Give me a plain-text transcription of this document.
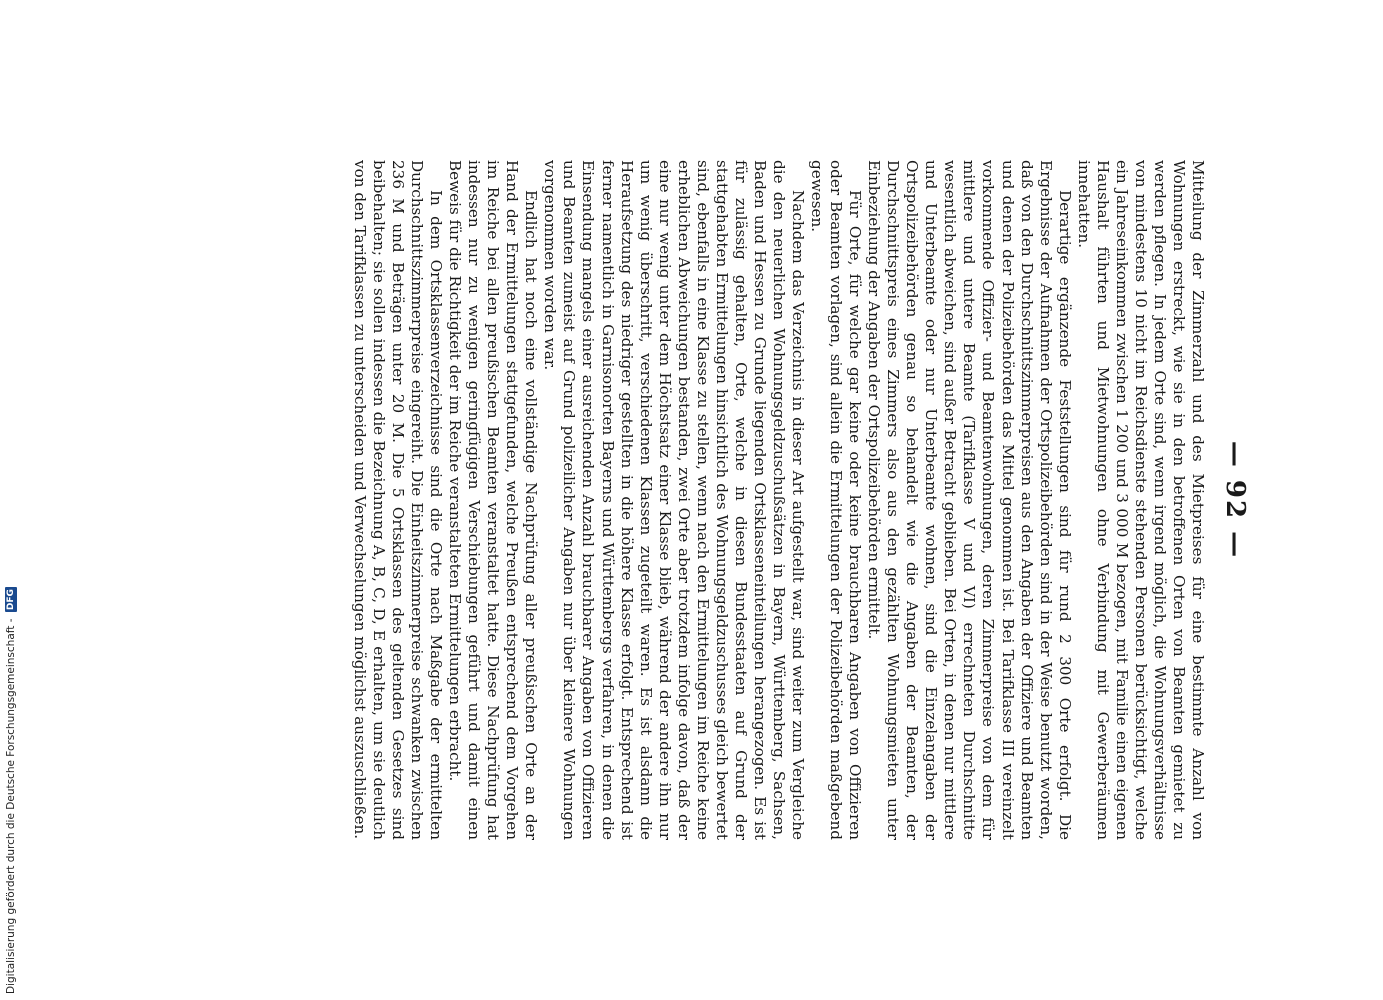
— 92 —

Mitteilung der Zimmerzahl und des Mietpreises für eine bestimmte Anzahl von Wohnungen erstreckt, wie sie in den betroffenen Orten von Beamten gemietet zu werden pflegen. In jedem Orte sind, wenn irgend möglich, die Wohnungsverhältnisse von mindestens 10 nicht im Reichsdienste stehenden Personen berücksichtigt, welche ein Jahreseinkommen zwischen 1 200 und 3 000 M bezogen, mit Familie einen eigenen Haushalt führten und Mietwohnungen ohne Verbindung mit Gewerberäumen innehatten.

Derartige ergänzende Feststellungen sind für rund 2 300 Orte erfolgt. Die Ergebnisse der Aufnahmen der Ortspolizeibehörden sind in der Weise benutzt worden, daß von den Durchschnittszimmerpreisen aus den Angaben der Offiziere und Beamten und denen der Polizeibehörden das Mittel genommen ist. Bei Tarifklasse III vereinzelt vorkommende Offizier- und Beamtenwohnungen, deren Zimmerpreise von dem für mittlere und untere Beamte (Tarifklasse V und VI) errechneten Durchschnitte wesentlich abweichen, sind außer Betracht geblieben. Bei Orten, in denen nur mittlere und Unterbeamte oder nur Unterbeamte wohnen, sind die Einzelangaben der Ortspolizeibehörden genau so behandelt wie die Angaben der Beamten, der Durchschnittspreis eines Zimmers also aus den gezählten Wohnungsmieten unter Einbeziehung der Angaben der Ortspolizeibehörden ermittelt.

Für Orte, für welche gar keine oder keine brauchbaren Angaben von Offizieren oder Beamten vorlagen, sind allein die Ermittelungen der Polizeibehörden maßgebend gewesen.

Nachdem das Verzeichnis in dieser Art aufgestellt war, sind weiter zum Vergleiche die den neuerlichen Wohnungsgeldzuschußsätzen in Bayern, Württemberg, Sachsen, Baden und Hessen zu Grunde liegenden Ortsklasseneinteilungen herangezogen. Es ist für zulässig gehalten, Orte, welche in diesen Bundesstaaten auf Grund der stattgehabten Ermittelungen hinsichtlich des Wohnungsgeldzuschusses gleich bewertet sind, ebenfalls in eine Klasse zu stellen, wenn nach den Ermittelungen im Reiche keine erheblichen Abweichungen bestanden, zwei Orte aber trotzdem infolge davon, daß der eine nur wenig unter dem Höchstsatz einer Klasse blieb, während der andere ihn nur um wenig überschritt, verschiedenen Klassen zugeteilt waren. Es ist alsdann die Heraufsetzung des niedriger gestellten in die höhere Klasse erfolgt. Entsprechend ist ferner namentlich in Garnisonorten Bayerns und Württembergs verfahren, in denen die Einsendung mangels einer ausreichenden Anzahl brauchbarer Angaben von Offizieren und Beamten zumeist auf Grund polizeilicher Angaben nur über kleinere Wohnungen vorgenommen worden war.

Endlich hat noch eine vollständige Nachprüfung aller preußischen Orte an der Hand der Ermittelungen stattgefunden, welche Preußen entsprechend dem Vorgehen im Reiche bei allen preußischen Beamten veranstaltet hatte. Diese Nachprüfung hat indessen nur zu wenigen geringfügigen Verschiebungen geführt und damit einen Beweis für die Richtigkeit der im Reiche veranstalteten Ermittelungen erbracht.

In dem Ortsklassenverzeichnisse sind die Orte nach Maßgabe der ermittelten Durchschnittszimmerpreise eingereiht. Die Einheitszimmerpreise schwanken zwischen 236 M und Beträgen unter 20 M. Die 5 Ortsklassen des geltenden Gesetzes sind beibehalten; sie sollen indessen die Bezeichnung A, B, C, D, E erhalten, um sie deutlich von den Tarifklassen zu unterscheiden und Verwechselungen möglichst auszuschließen.

Digitalisierung gefördert durch die Deutsche Forschungsgemeinschaft - DFG
